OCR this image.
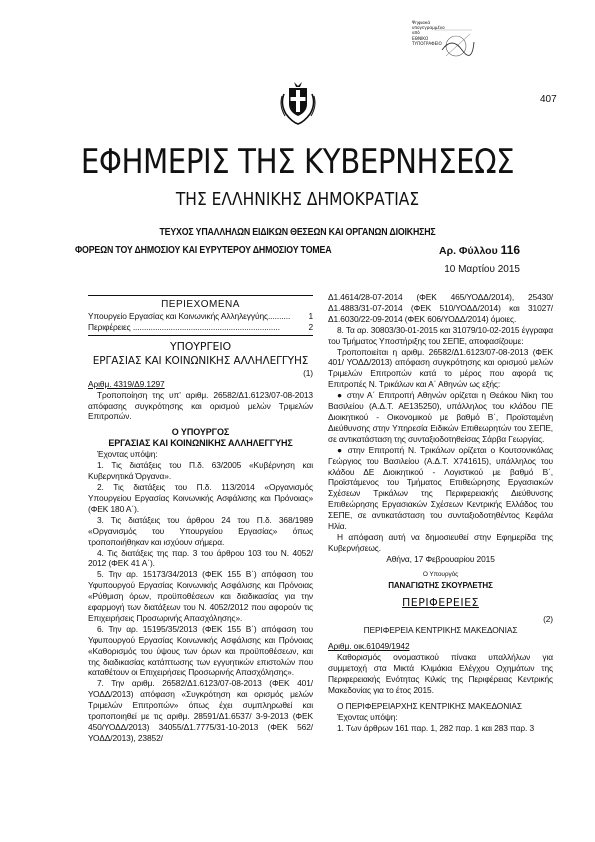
Ψηφιακά
υπογεγραμμένο
από
ΕΘΝΙΚΟ
ΤΥΠΟΓΡΑΦΕΙΟ
407
ΕΦΗΜΕΡΙΣ ΤΗΣ ΚΥΒΕΡΝΗΣΕΩΣ
ΤΗΣ ΕΛΛΗΝΙΚΗΣ ΔΗΜΟΚΡΑΤΙΑΣ
ΤΕΥΧΟΣ ΥΠΑΛΛΗΛΩΝ ΕΙΔΙΚΩΝ ΘΕΣΕΩΝ ΚΑΙ ΟΡΓΑΝΩΝ ΔΙΟΙΚΗΣΗΣ
ΦΟΡΕΩΝ ΤΟΥ ΔΗΜΟΣΙΟΥ ΚΑΙ ΕΥΡΥΤΕΡΟΥ ΔΗΜΟΣΙΟΥ ΤΟΜΕΑ	Αρ. Φύλλου 116
10 Μαρτίου 2015
ΠΕΡΙΕΧΟΜΕΝΑ
Υπουργείο Εργασίας και Κοινωνικής Αλληλεγγύης.......... 1
Περιφέρειες ..................................................................	2
ΥΠΟΥΡΓΕΙΟ
ΕΡΓΑΣΙΑΣ ΚΑΙ ΚΟΙΝΩΝΙΚΗΣ ΑΛΛΗΛΕΓΓΥΗΣ
(1)
Αριθμ. 4319/Δ9.1297
Τροποποίηση της υπ’ αριθμ. 26582/Δ1.6123/07-08-2013 απόφασης συγκρότησης και ορισμού μελών Τριμελών Επιτροπών.
Ο ΥΠΟΥΡΓΟΣ
ΕΡΓΑΣΙΑΣ ΚΑΙ ΚΟΙΝΩΝΙΚΗΣ ΑΛΛΗΛΕΓΓΥΗΣ
Έχοντας υπόψη:
1. Τις διατάξεις του Π.δ. 63/2005 «Κυβέρνηση και Κυβερνητικά Όργανα».
2. Τις διατάξεις του Π.δ. 113/2014 «Οργανισμός Υπουργείου Εργασίας Κοινωνικής Ασφάλισης και Πρόνοιας» (ΦΕΚ 180 Α΄).
3. Τις διατάξεις του άρθρου 24 του Π.δ. 368/1989 «Οργανισμός του Υπουργείου Εργασίας» όπως τροποποιήθηκαν και ισχύουν σήμερα.
4. Τις διατάξεις της παρ. 3 του άρθρου 103 του Ν. 4052/ 2012 (ΦΕΚ 41 Α΄).
5. Την αρ. 15173/34/2013 (ΦΕΚ 155 Β΄) απόφαση του Υφυπουργού Εργασίας Κοινωνικής Ασφάλισης και Πρόνοιας «Ρύθμιση όρων, προϋποθέσεων και διαδικασίας για την εφαρμογή των διατάξεων του Ν. 4052/2012 που αφορούν τις Επιχειρήσεις Προσωρινής Απασχόλησης».
6. Την αρ. 15195/35/2013 (ΦΕΚ 155 Β΄) απόφαση του Υφυπουργού Εργασίας Κοινωνικής Ασφάλισης και Πρόνοιας «Καθορισμός του ύψους των όρων και προϋποθέσεων, και της διαδικασίας κατάπτωσης των εγγυητικών επιστολών που καταθέτουν οι Επιχειρήσεις Προσωρινής Απασχόλησης».
7. Την αριθμ. 26582/Δ1.6123/07-08-2013 (ΦΕΚ 401/ΥΟΔΔ/2013) απόφαση «Συγκρότηση και ορισμός μελών Τριμελών Επιτροπών» όπως έχει συμπληρωθεί και τροποποιηθεί με τις αριθμ. 28591/Δ1.6537/ 3-9-2013 (ΦΕΚ 450/ΥΟΔΔ/2013) 34055/Δ1.7775/31-10-2013 (ΦΕΚ 562/ΥΟΔΔ/2013), 23852/
Δ1.4614/28-07-2014 (ΦΕΚ 465/ΥΟΔΔ/2014), 25430/Δ1.4883/31-07-2014 (ΦΕΚ 510/ΥΟΔΔ/2014) και 31027/Δ1.6030/22-09-2014 (ΦΕΚ 606/ΥΟΔΔ/2014) όμοιες.
8. Τα αρ. 30803/30-01-2015 και 31079/10-02-2015 έγγραφα του Τμήματος Υποστήριξης του ΣΕΠΕ, αποφασίζουμε:
Τροποποιείται η αριθμ. 26582/Δ1.6123/07-08-2013 (ΦΕΚ 401/ ΥΟΔΔ/2013) απόφαση συγκρότησης και ορισμού μελών Τριμελών Επιτροπών κατά το μέρος που αφορά τις Επιτροπές Ν. Τρικάλων και Α΄ Αθηνών ως εξής:
● στην Α΄ Επιτροπή Αθηνών ορίζεται η Θεάκου Νίκη του Βασιλείου (Α.Δ.Τ. ΑΕ135250), υπάλληλος του κλάδου ΠΕ Διοικητικού - Οικονομικού με βαθμό Β΄, Προϊσταμένη Διεύθυνσης στην Υπηρεσία Ειδικών Επιθεωρητών του ΣΕΠΕ, σε αντικατάσταση της συνταξιοδοτηθείσας Σάρβα Γεωργίας.
● στην Επιτροπή Ν. Τρικάλων ορίζεται ο Κουτσονικόλας Γεώργιος του Βασιλείου (Α.Δ.Τ. Χ741615), υπάλληλος του κλάδου ΔΕ Διοικητικού - Λογιστικού με βαθμό Β΄, Προϊστάμενος του Τμήματος Επιθεώρησης Εργασιακών Σχέσεων Τρικάλων της Περιφερειακής Διεύθυνσης Επιθεώρησης Εργασιακών Σχέσεων Κεντρικής Ελλάδος του ΣΕΠΕ, σε αντικατάσταση του συνταξιοδοτηθέντος Κεφάλα Ηλία.
Η απόφαση αυτή να δημοσιευθεί στην Εφημερίδα της Κυβερνήσεως.
Αθήνα, 17 Φεβρουαρίου 2015
Ο Υπουργός
ΠΑΝΑΓΙΩΤΗΣ ΣΚΟΥΡΛΕΤΗΣ
ΠΕΡΙΦΕΡΕΙΕΣ
(2)
ΠΕΡΙΦΕΡΕΙΑ ΚΕΝΤΡΙΚΗΣ ΜΑΚΕΔΟΝΙΑΣ
Αριθμ. οικ.61049/1942
Καθορισμός ονομαστικού πίνακα υπαλλήλων για συμμετοχή στα Μικτά Κλιμάκια Ελέγχου Οχημάτων της Περιφερειακής Ενότητας Κιλκίς της Περιφέρειας Κεντρικής Μακεδονίας για το έτος 2015.
Ο ΠΕΡΙΦΕΡΕΙΑΡΧΗΣ ΚΕΝΤΡΙΚΗΣ ΜΑΚΕΔΟΝΙΑΣ
Έχοντας υπόψη:
1. Των άρθρων 161 παρ. 1, 282 παρ. 1 και 283 παρ. 3
